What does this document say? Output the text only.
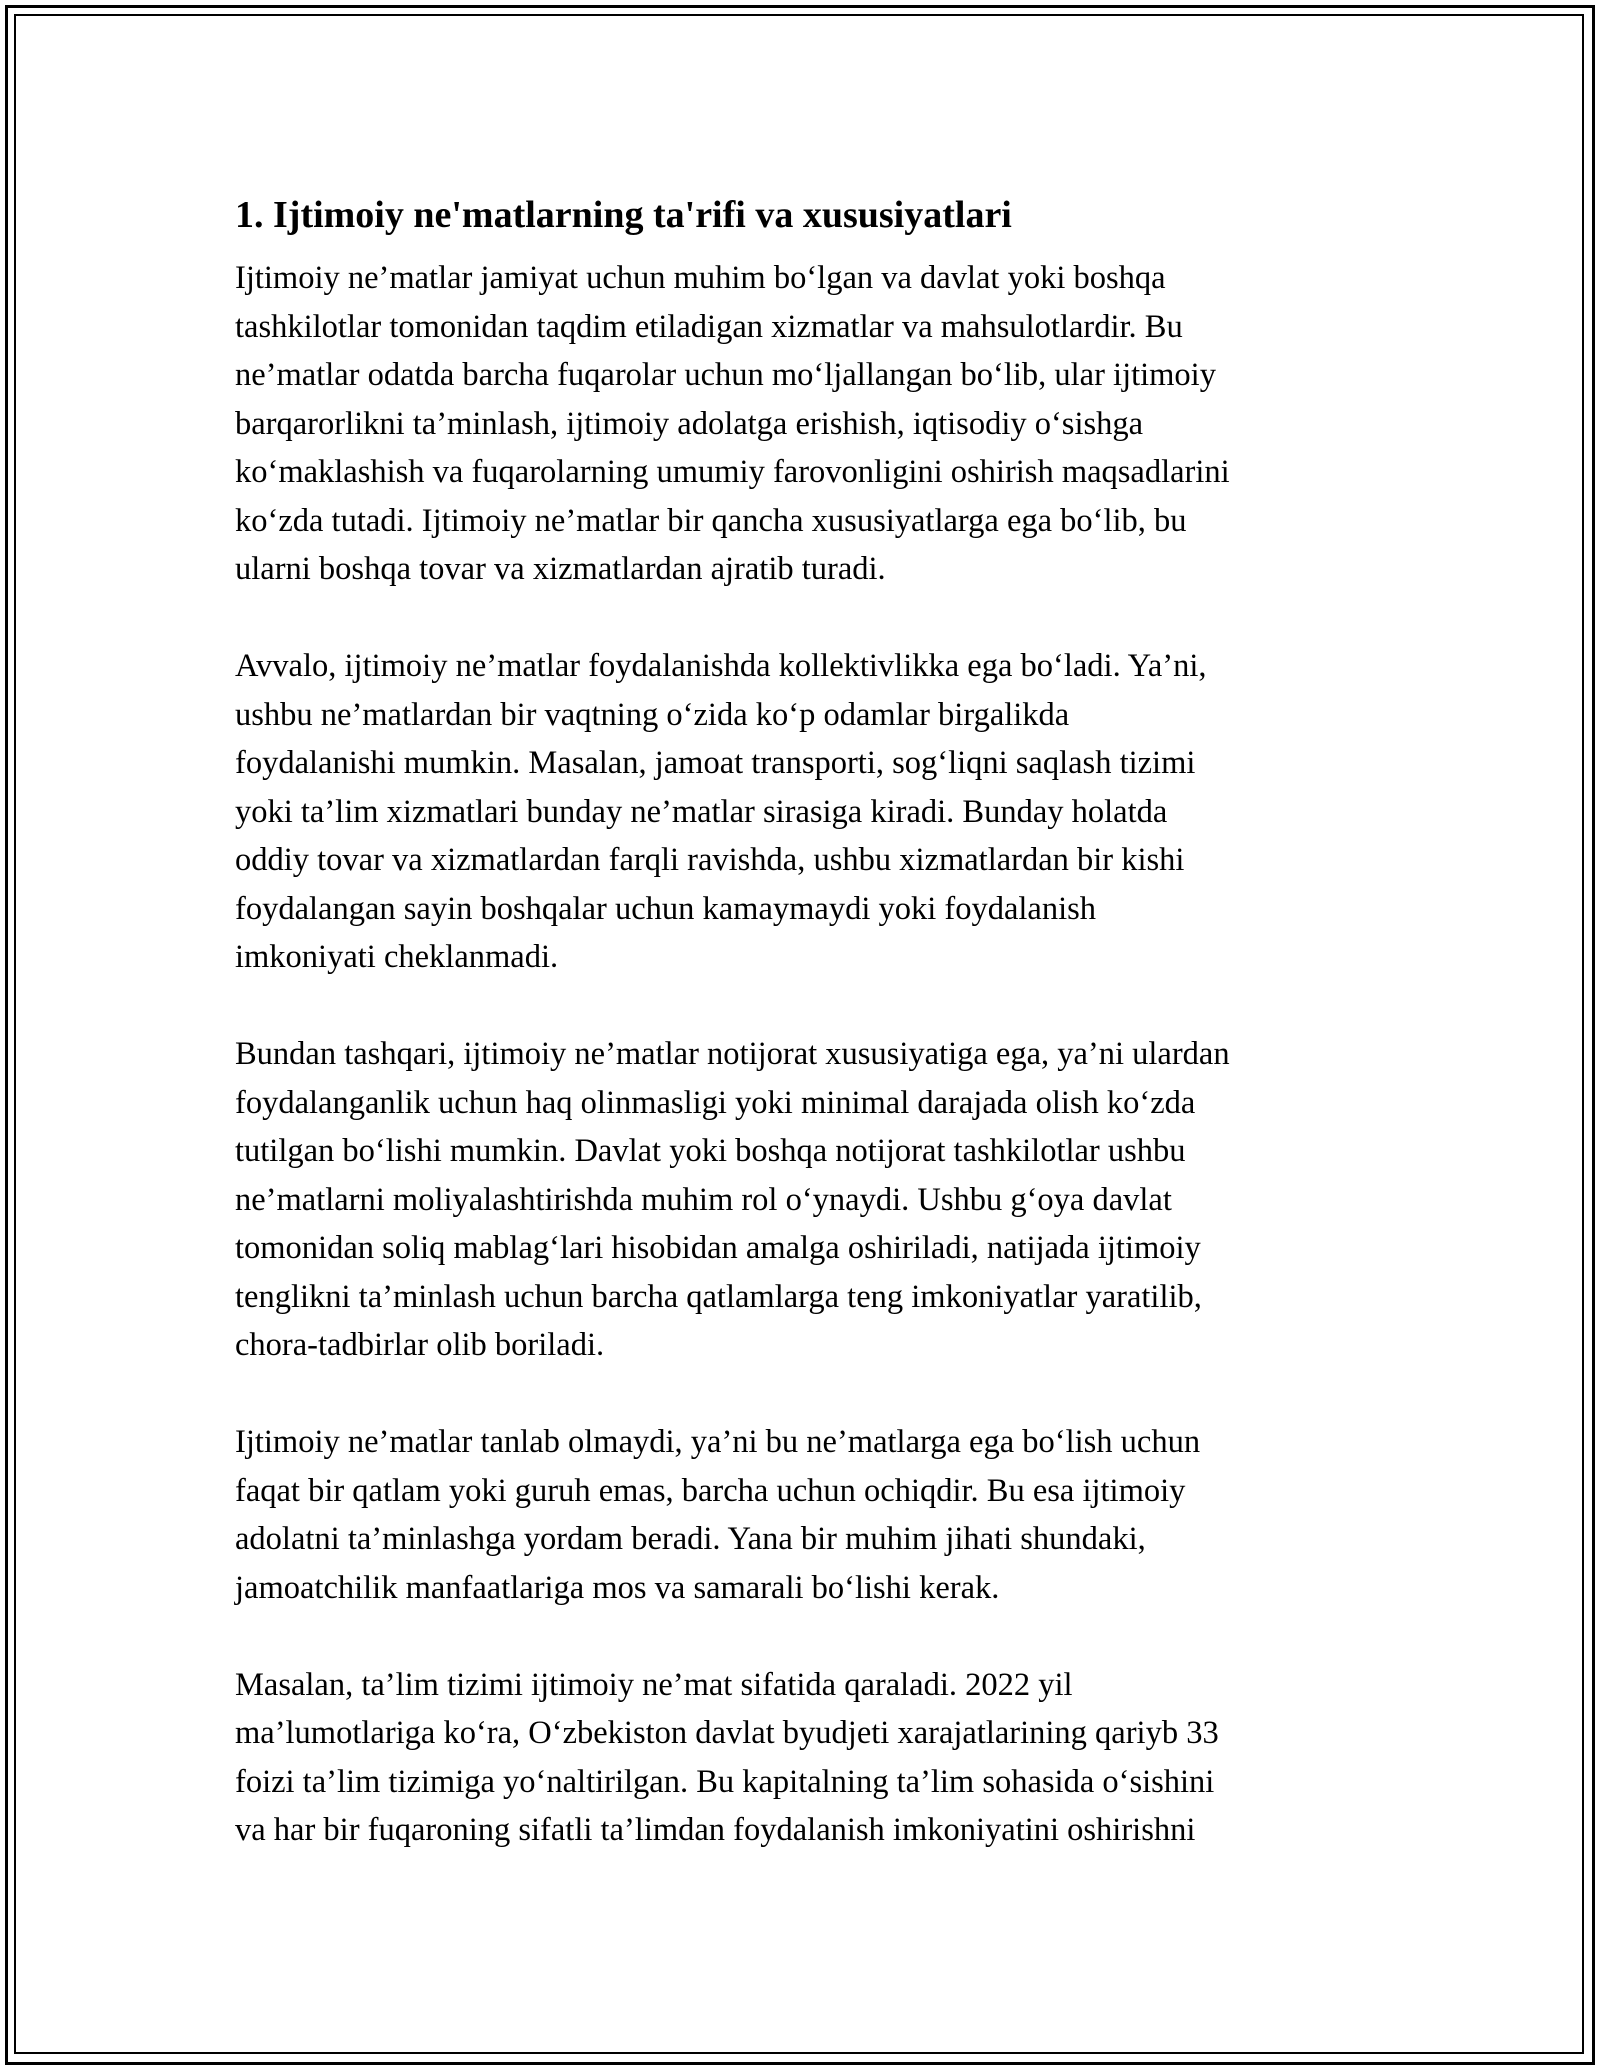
1. Ijtimoiy ne'matlarning ta'rifi va xususiyatlari

Ijtimoiy ne’matlar jamiyat uchun muhim bo‘lgan va davlat yoki boshqa
tashkilotlar tomonidan taqdim etiladigan xizmatlar va mahsulotlardir. Bu
ne’matlar odatda barcha fuqarolar uchun mo‘ljallangan bo‘lib, ular ijtimoiy
barqarorlikni ta’minlash, ijtimoiy adolatga erishish, iqtisodiy o‘sishga
ko‘maklashish va fuqarolarning umumiy farovonligini oshirish maqsadlarini
ko‘zda tutadi. Ijtimoiy ne’matlar bir qancha xususiyatlarga ega bo‘lib, bu
ularni boshqa tovar va xizmatlardan ajratib turadi.

Avvalo, ijtimoiy ne’matlar foydalanishda kollektivlikka ega bo‘ladi. Ya’ni,
ushbu ne’matlardan bir vaqtning o‘zida ko‘p odamlar birgalikda
foydalanishi mumkin. Masalan, jamoat transporti, sog‘liqni saqlash tizimi
yoki ta’lim xizmatlari bunday ne’matlar sirasiga kiradi. Bunday holatda
oddiy tovar va xizmatlardan farqli ravishda, ushbu xizmatlardan bir kishi
foydalangan sayin boshqalar uchun kamaymaydi yoki foydalanish
imkoniyati cheklanmadi.

Bundan tashqari, ijtimoiy ne’matlar notijorat xususiyatiga ega, ya’ni ulardan
foydalanganlik uchun haq olinmasligi yoki minimal darajada olish ko‘zda
tutilgan bo‘lishi mumkin. Davlat yoki boshqa notijorat tashkilotlar ushbu
ne’matlarni moliyalashtirishda muhim rol o‘ynaydi. Ushbu g‘oya davlat
tomonidan soliq mablag‘lari hisobidan amalga oshiriladi, natijada ijtimoiy
tenglikni ta’minlash uchun barcha qatlamlarga teng imkoniyatlar yaratilib,
chora-tadbirlar olib boriladi.

Ijtimoiy ne’matlar tanlab olmaydi, ya’ni bu ne’matlarga ega bo‘lish uchun
faqat bir qatlam yoki guruh emas, barcha uchun ochiqdir. Bu esa ijtimoiy
adolatni ta’minlashga yordam beradi. Yana bir muhim jihati shundaki,
jamoatchilik manfaatlariga mos va samarali bo‘lishi kerak.

Masalan, ta’lim tizimi ijtimoiy ne’mat sifatida qaraladi. 2022 yil
ma’lumotlariga ko‘ra, O‘zbekiston davlat byudjeti xarajatlarining qariyb 33
foizi ta’lim tizimiga yo‘naltirilgan. Bu kapitalning ta’lim sohasida o‘sishini
va har bir fuqaroning sifatli ta’limdan foydalanish imkoniyatini oshirishni
